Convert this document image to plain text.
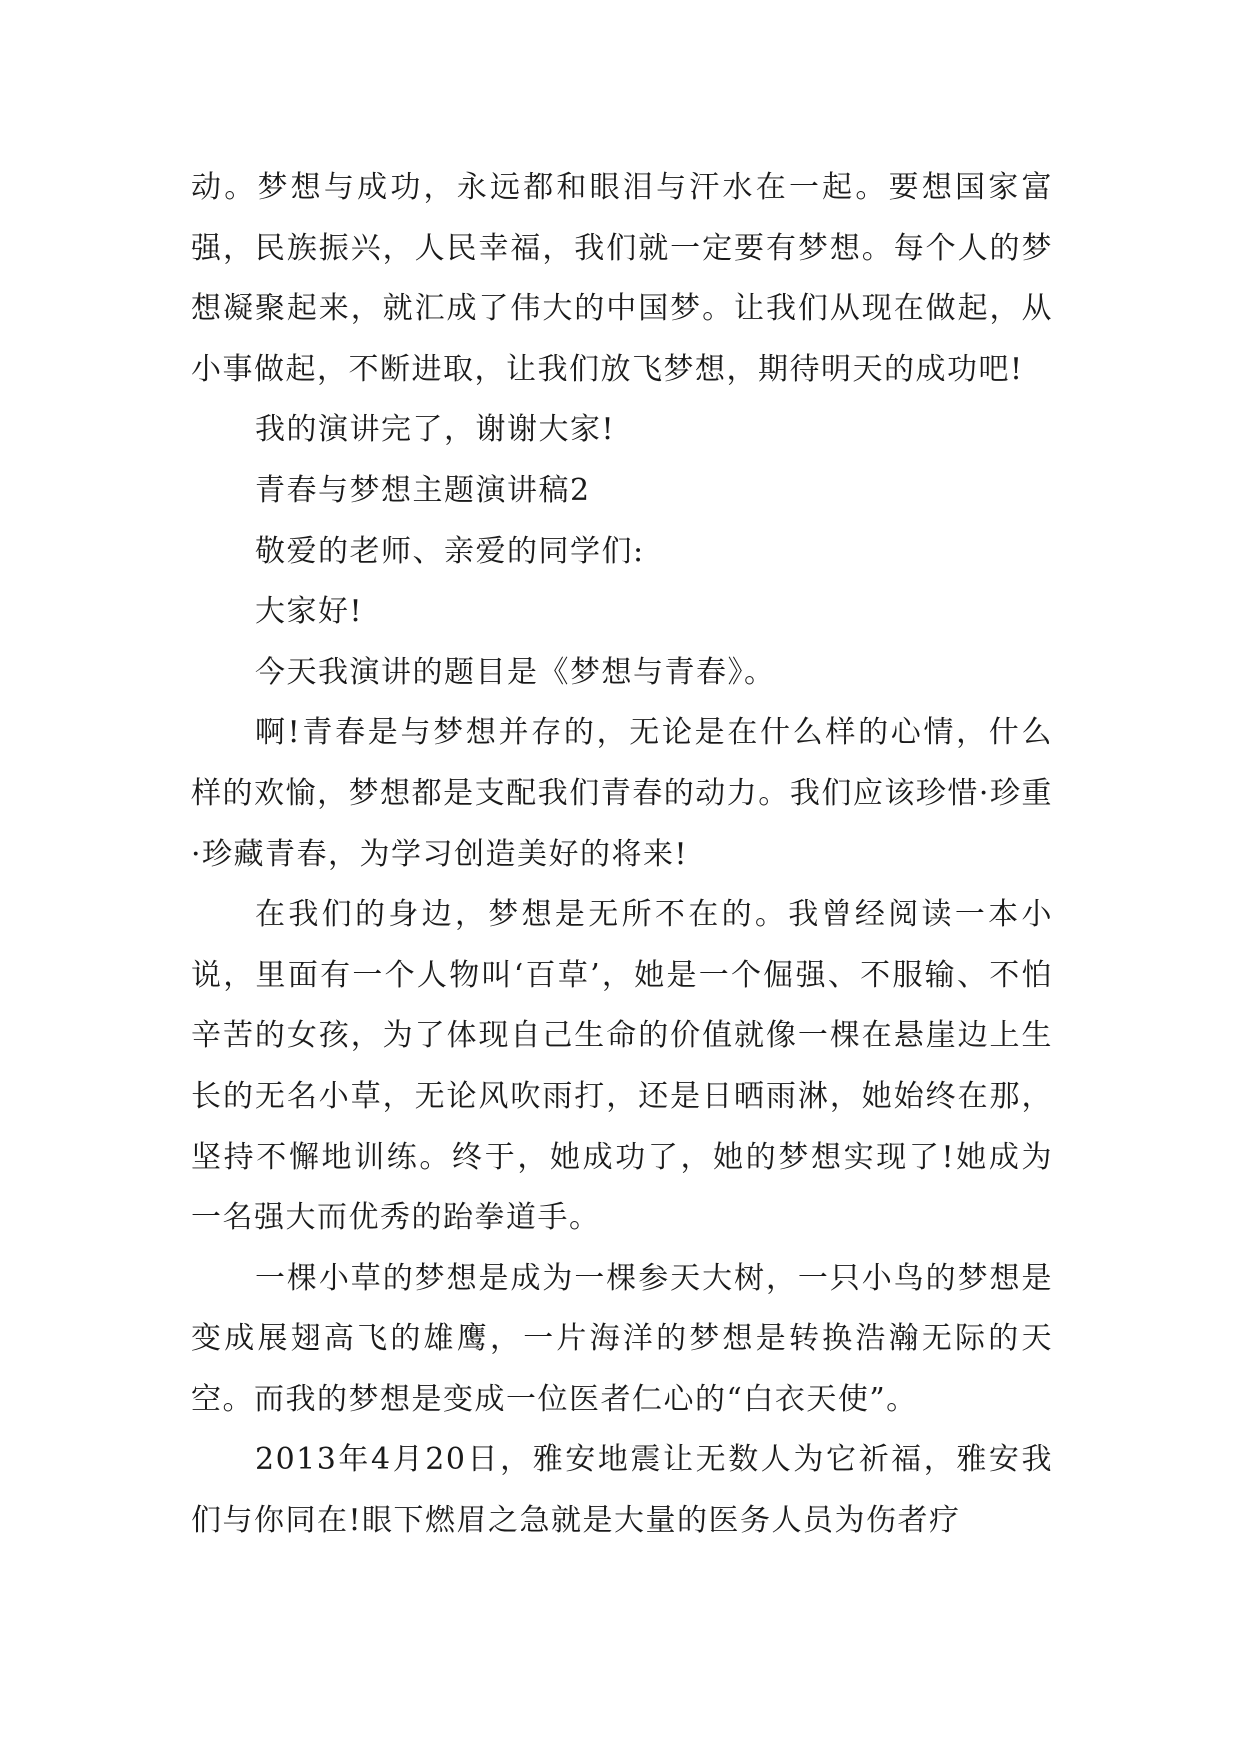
动。梦想与成功，永远都和眼泪与汗水在一起。要想国家富强，民族振兴，人民幸福，我们就一定要有梦想。每个人的梦想凝聚起来，就汇成了伟大的中国梦。让我们从现在做起，从小事做起，不断进取，让我们放飞梦想，期待明天的成功吧!

我的演讲完了，谢谢大家!

青春与梦想主题演讲稿2

敬爱的老师、亲爱的同学们:

大家好!

今天我演讲的题目是《梦想与青春》。

啊!青春是与梦想并存的，无论是在什么样的心情，什么样的欢愉，梦想都是支配我们青春的动力。我们应该珍惜·珍重·珍藏青春，为学习创造美好的将来!

在我们的身边，梦想是无所不在的。我曾经阅读一本小说，里面有一个人物叫‘百草’，她是一个倔强、不服输、不怕辛苦的女孩，为了体现自己生命的价值就像一棵在悬崖边上生长的无名小草，无论风吹雨打，还是日晒雨淋，她始终在那，坚持不懈地训练。终于，她成功了，她的梦想实现了!她成为一名强大而优秀的跆拳道手。

一棵小草的梦想是成为一棵参天大树，一只小鸟的梦想是变成展翅高飞的雄鹰，一片海洋的梦想是转换浩瀚无际的天空。而我的梦想是变成一位医者仁心的“白衣天使”。

2013年4月20日，雅安地震让无数人为它祈福，雅安我们与你同在!眼下燃眉之急就是大量的医务人员为伤者疗
